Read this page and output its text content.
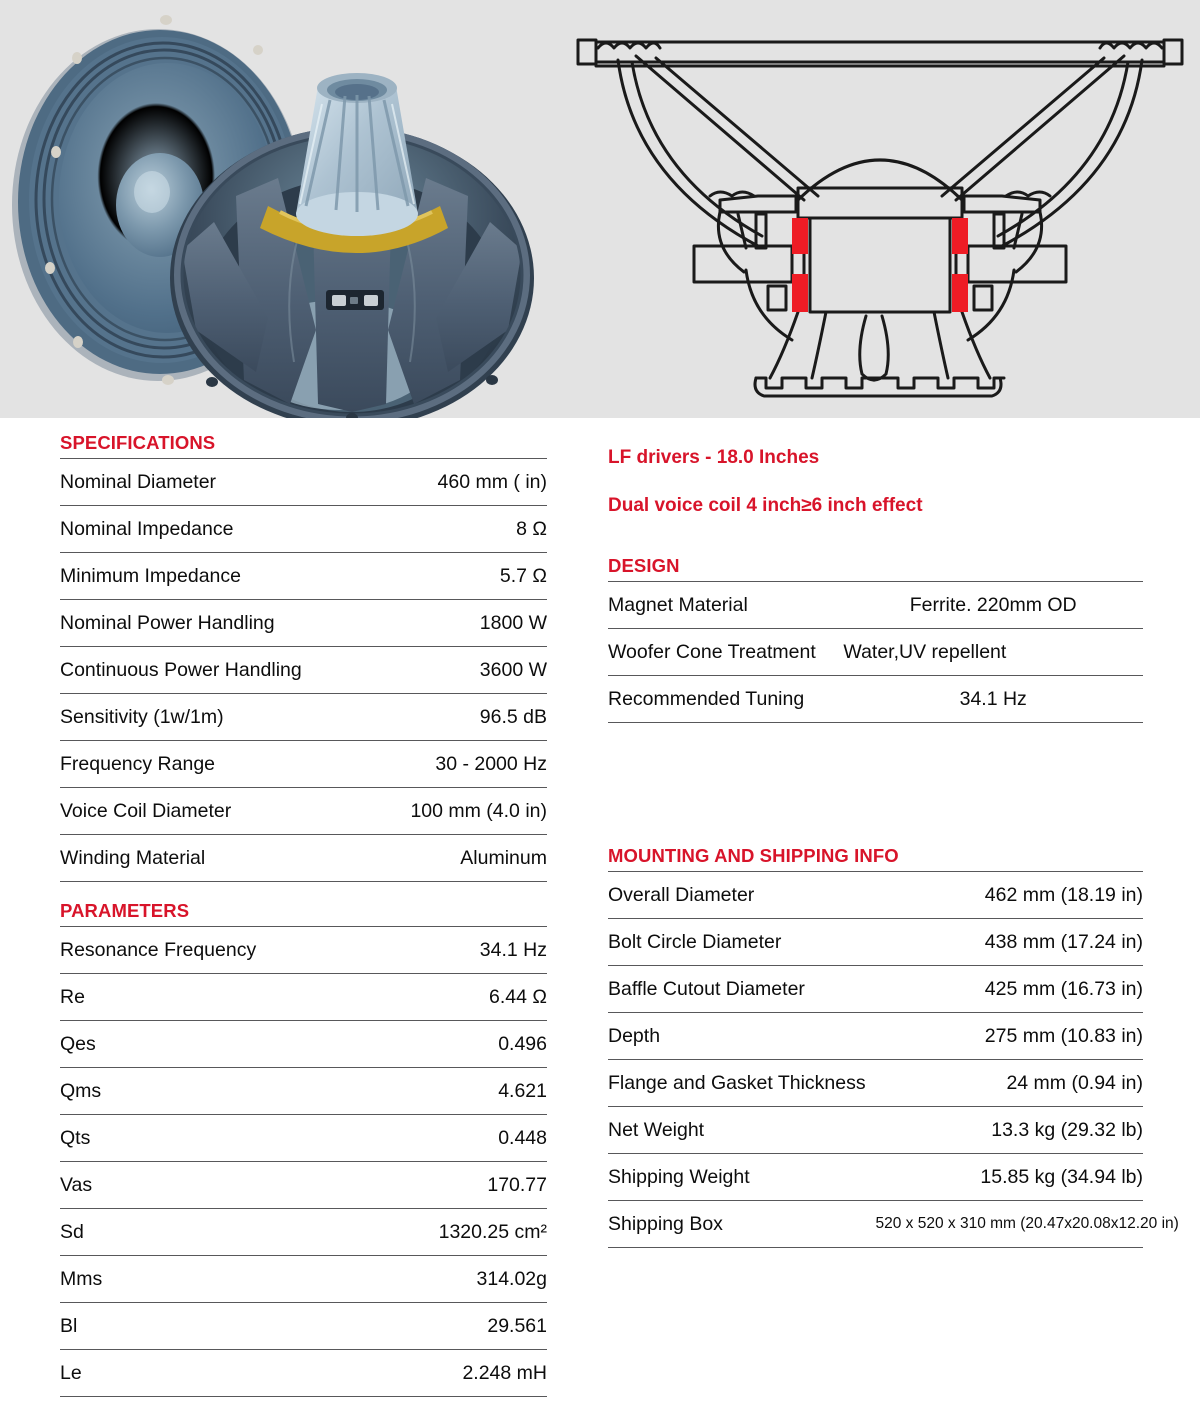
SPECIFICATIONS
Nominal Diameter	460 mm ( in)
Nominal Impedance	8 Ω
Minimum Impedance	5.7 Ω
Nominal Power Handling	1800 W
Continuous Power Handling	3600 W
Sensitivity (1w/1m)	96.5 dB
Frequency Range	30 - 2000 Hz
Voice Coil Diameter	100 mm (4.0 in)
Winding Material	Aluminum
PARAMETERS
Resonance Frequency	34.1 Hz
Re	6.44 Ω
Qes	0.496
Qms	4.621
Qts	0.448
Vas	170.77
Sd	1320.25 cm²
Mms	314.02g
Bl	29.561
Le	2.248 mH
LF drivers - 18.0 Inches
Dual voice coil 4 inch≥6 inch effect
DESIGN
Magnet Material	Ferrite. 220mm OD
Woofer Cone Treatment	Water,UV repellent
Recommended Tuning	34.1 Hz
MOUNTING AND SHIPPING INFO
Overall Diameter	462 mm (18.19 in)
Bolt Circle Diameter	438 mm (17.24 in)
Baffle Cutout Diameter	425 mm (16.73 in)
Depth	275 mm (10.83 in)
Flange and Gasket Thickness	24 mm (0.94 in)
Net Weight	13.3 kg (29.32 lb)
Shipping Weight	15.85 kg (34.94 lb)
Shipping Box	520 x 520 x 310 mm (20.47x20.08x12.20 in)
